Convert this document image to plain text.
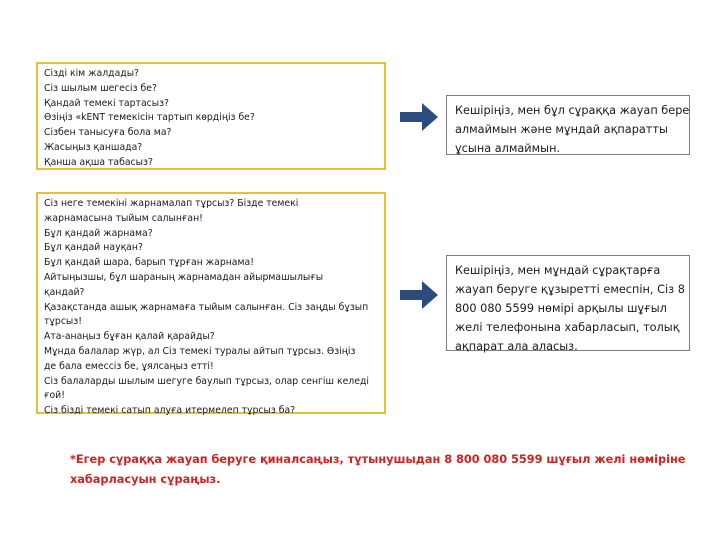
Сізді кім жалдады?
Сіз шылым шегесіз бе?
Қандай темекі тартасыз?
Өзіңіз «kENT темекісін тартып көрдіңіз бе?
Сізбен танысуға бола ма?
Жасыңыз қаншада?
Қанша ақша табасыз?
Кешіріңіз, мен бұл сұраққа жауап бере
алмаймын және мұндай ақпаратты
ұсына алмаймын.
Сіз неге темекіні жарнамалап тұрсыз? Бізде темекі
жарнамасына тыйым салынған!
Бұл қандай жарнама?
Бұл қандай науқан?
Бұл қандай шара, барып тұрған жарнама!
Айтыңызшы, бұл шараның жарнамадан айырмашылығы
қандай?
Қазақстанда ашық жарнамаға тыйым салынған. Сіз заңды бұзып
тұрсыз!
Ата-анаңыз бұған қалай қарайды?
Мұнда балалар жүр, ал Сіз темекі туралы айтып тұрсыз. Өзіңіз
де бала емессіз бе, ұялсаңыз етті!
Сіз балаларды шылым шегуге баулып тұрсыз, олар сенгіш келеді
ғой!
Сіз бізді темекі сатып алуға итермелеп тұрсыз ба?
Кешіріңіз, мен мұндай сұрақтарға
жауап беруге құзыретті емеспін, Сіз 8
800 080 5599 нөмірі арқылы шұғыл
желі телефонына хабарласып, толық
ақпарат ала аласыз.
*Егер сұраққа жауап беруге қиналсаңыз, тұтынушыдан 8 800 080 5599 шұғыл желі нөміріне
хабарласуын сұраңыз.
